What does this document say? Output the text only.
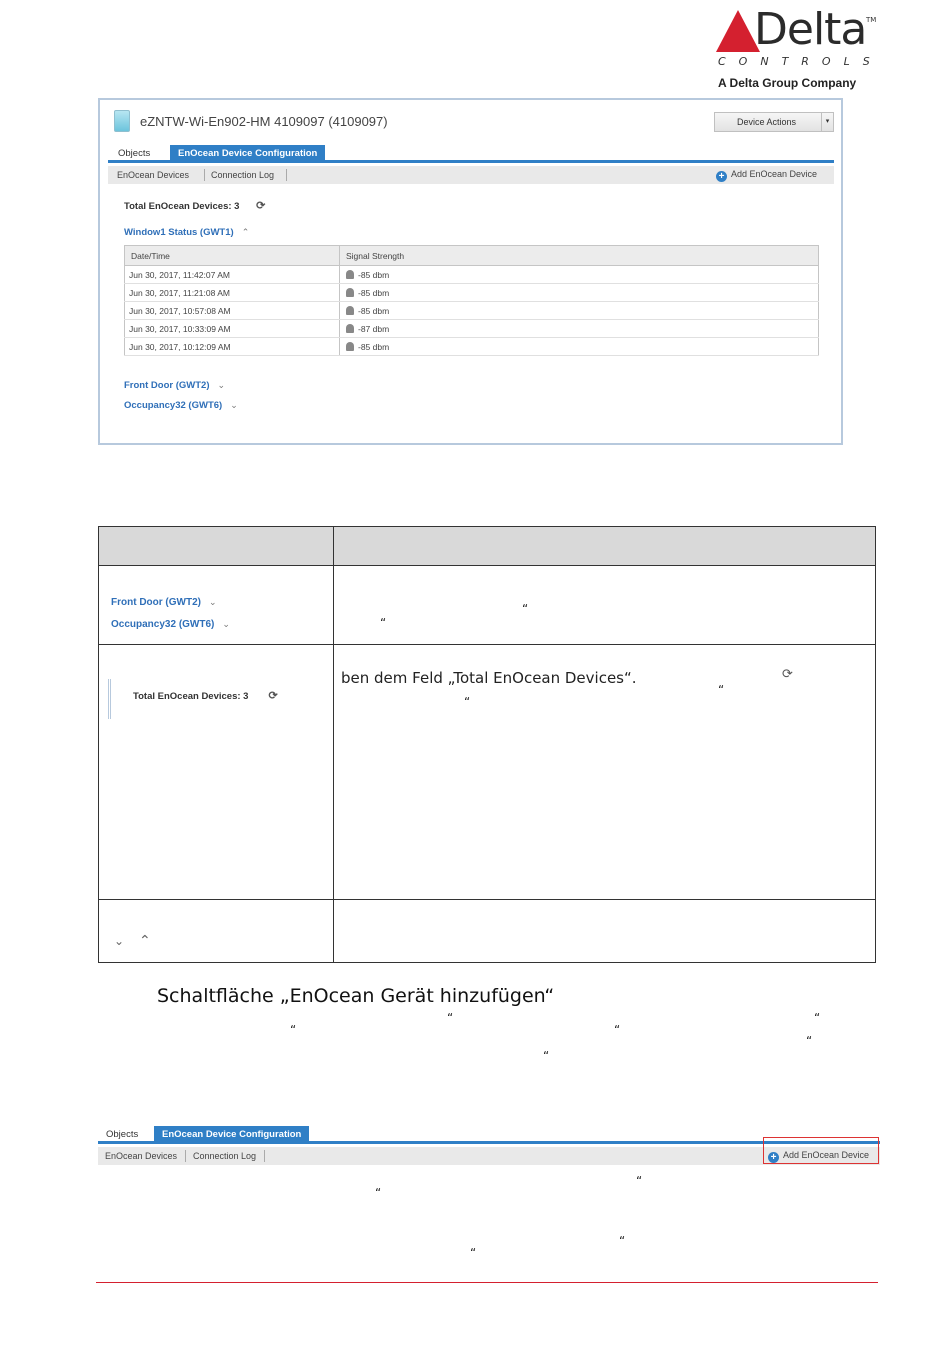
Delta TM
CONTROLS
A Delta Group Company
eZNTW-Wi-En902-HM 4109097 (4109097)	Device Actions	▾
Objects	EnOcean Device Configuration
EnOcean Devices Connection Log	+ Add EnOcean Device
Total EnOcean Devices: 3 ⟳
Window1 Status (GWT1) ⌃
Date/Time	Signal Strength
Jun 30, 2017, 11:42:07 AM	-85 dbm
Jun 30, 2017, 11:21:08 AM	-85 dbm
Jun 30, 2017, 10:57:08 AM	-85 dbm
Jun 30, 2017, 10:33:09 AM	-87 dbm
Jun 30, 2017, 10:12:09 AM	-85 dbm
Front Door (GWT2) ⌄
Occupancy32 (GWT6) ⌄
Front Door (GWT2) ⌄
Occupancy32 (GWT6) ⌄
“
“
Total EnOcean Devices: 3 ⟳
ben dem Feld „Total EnOcean Devices“.	⟳
“
“
⌄ ⌃
Schaltfläche „EnOcean Gerät hinzufügen“
“
“
“
“
“
“
Objects	EnOcean Device Configuration
EnOcean Devices Connection Log	+ Add EnOcean Device
“
“
“
“
